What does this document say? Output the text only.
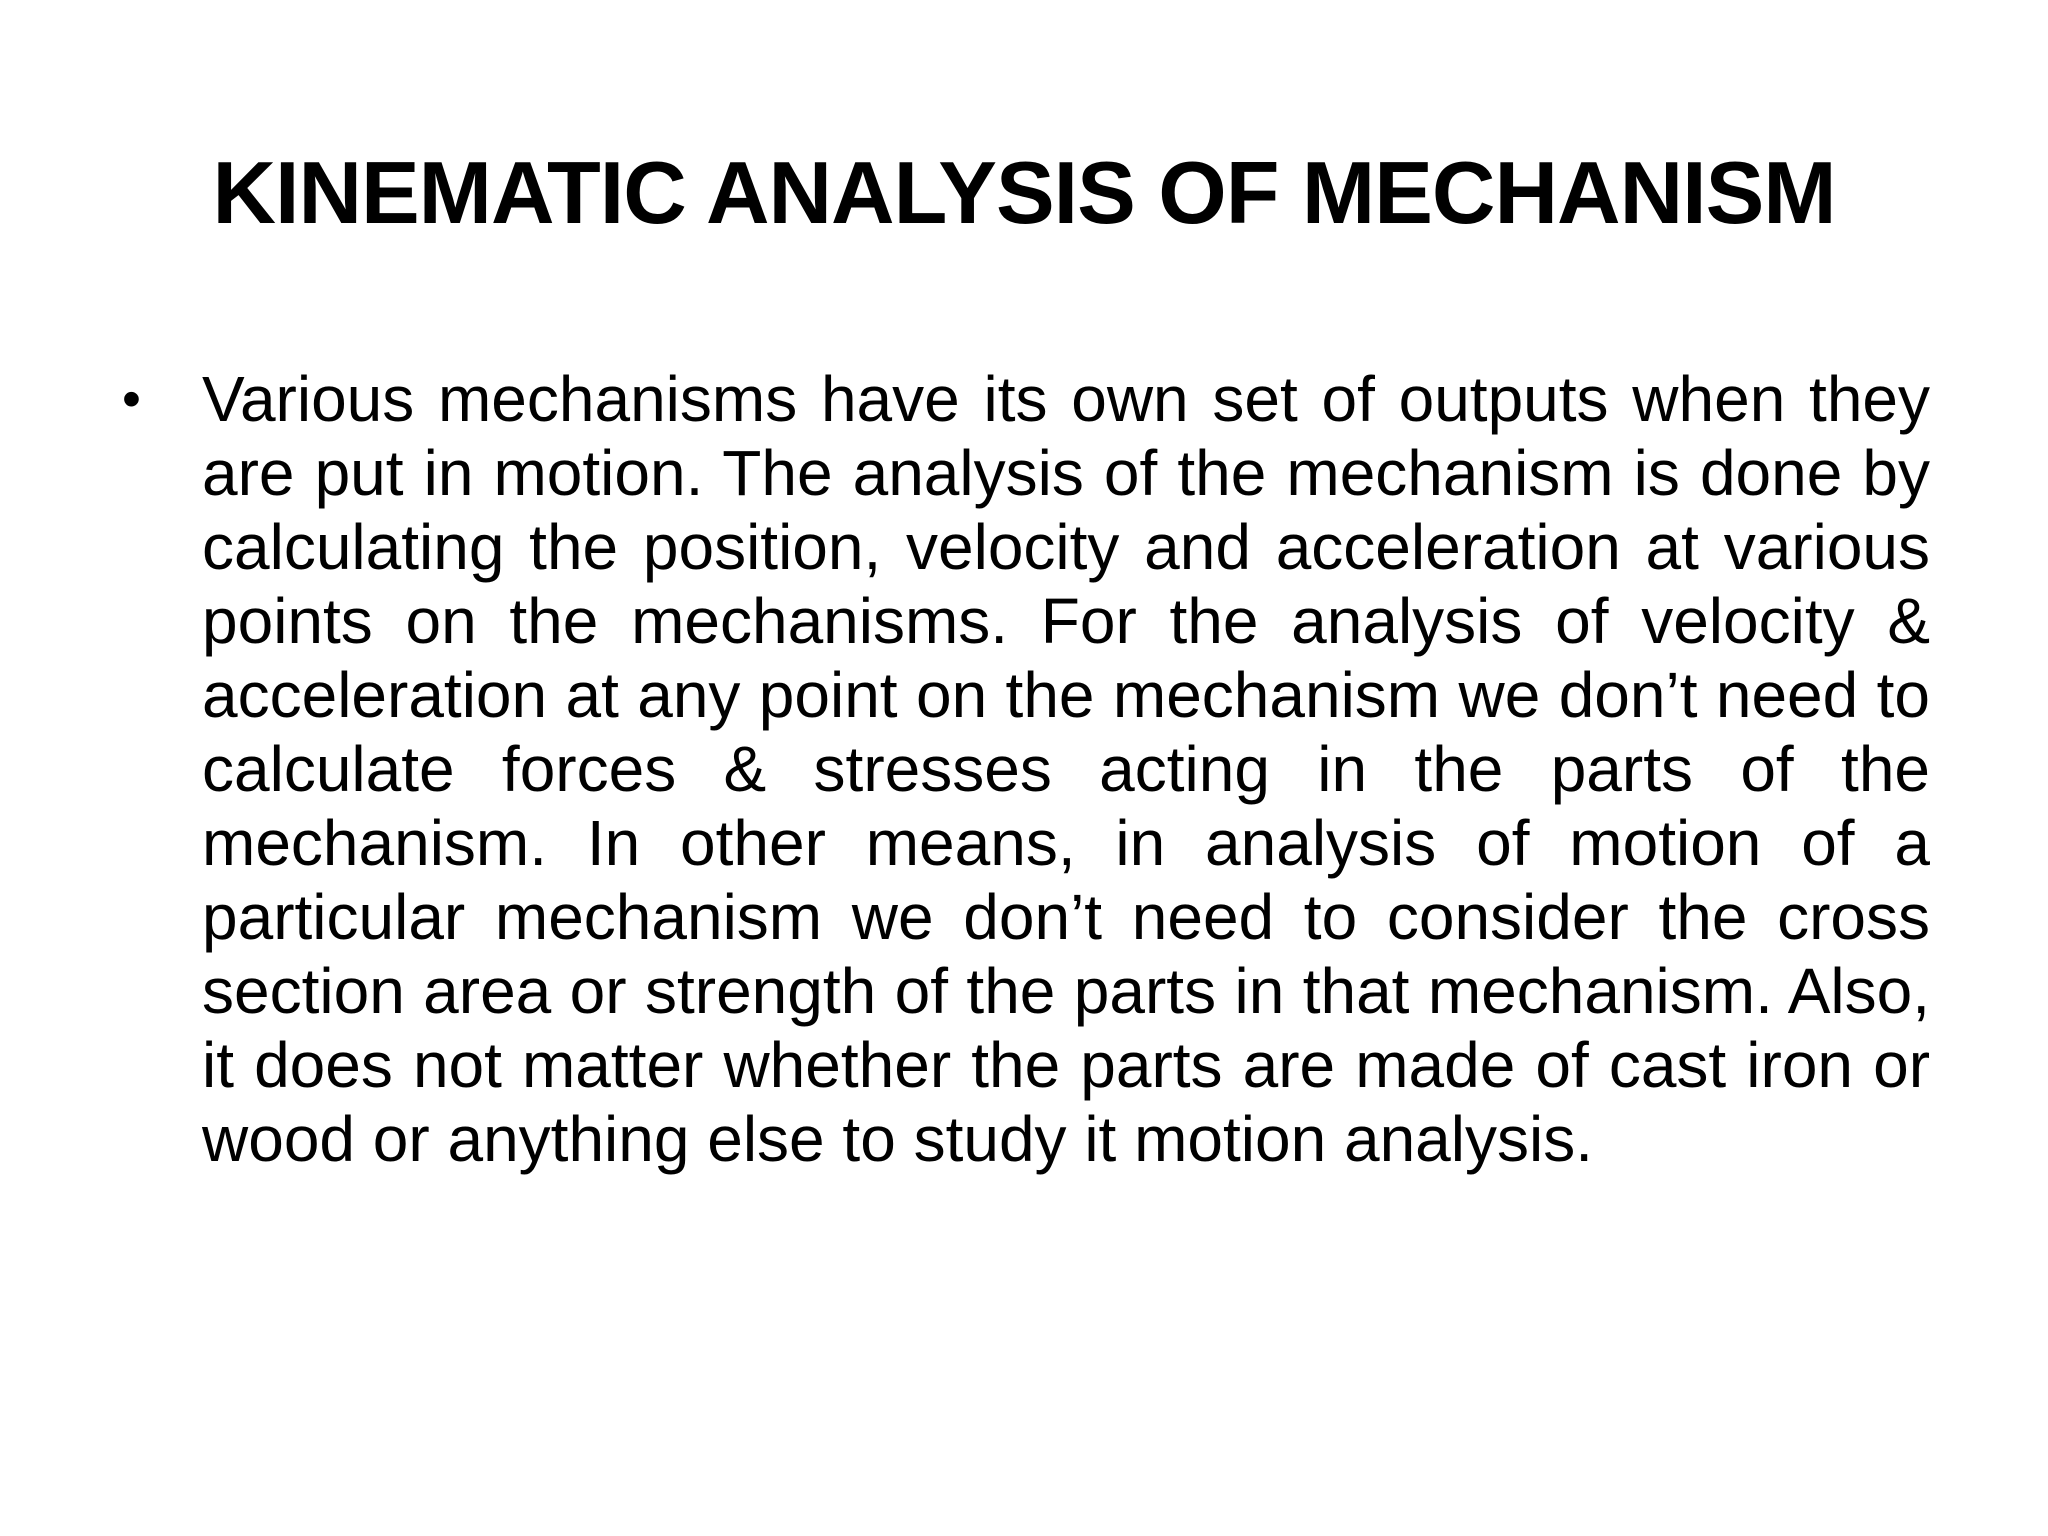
KINEMATIC ANALYSIS OF MECHANISM
• Various mechanisms have its own set of outputs when they are put in motion. The analysis of the mechanism is done by calculating the position, velocity and acceleration at various points on the mechanisms. For the analysis of velocity & acceleration at any point on the mechanism we don’t need to calculate forces & stresses acting in the parts of the mechanism. In other means, in analysis of motion of a particular mechanism we don’t need to consider the cross section area or strength of the parts in that mechanism. Also, it does not matter whether the parts are made of cast iron or wood or anything else to study it motion analysis.
